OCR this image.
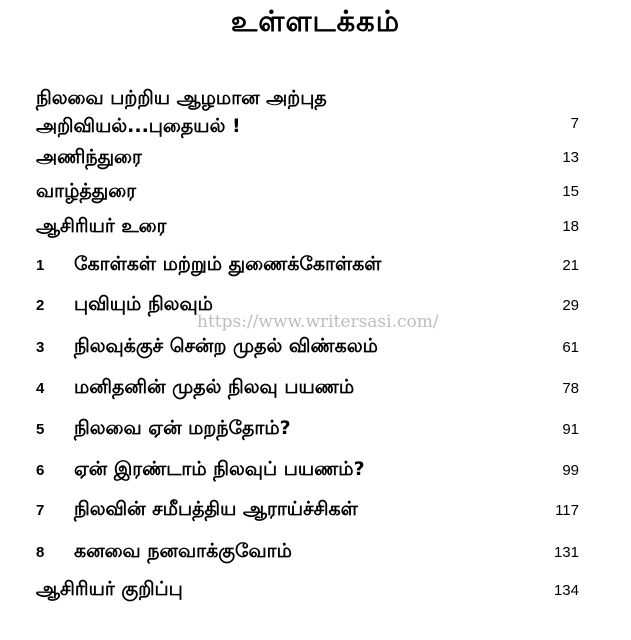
உள்ளடக்கம்
https://www.writersasi.com/
நிலவை பற்றிய ஆழமான அற்புத
அறிவியல்...புதையல் !	7
அணிந்துரை	13
வாழ்த்துரை	15
ஆசிரியர் உரை	18
1 கோள்கள் மற்றும் துணைக்கோள்கள்	21
2 புவியும் நிலவும்	29
3 நிலவுக்குச் சென்ற முதல் விண்கலம்	61
4 மனிதனின் முதல் நிலவு பயணம்	78
5 நிலவை ஏன் மறந்தோம்?	91
6 ஏன் இரண்டாம் நிலவுப் பயணம்?	99
7 நிலவின் சமீபத்திய ஆராய்ச்சிகள்	117
8 கனவை நனவாக்குவோம்	131
ஆசிரியர் குறிப்பு	134
